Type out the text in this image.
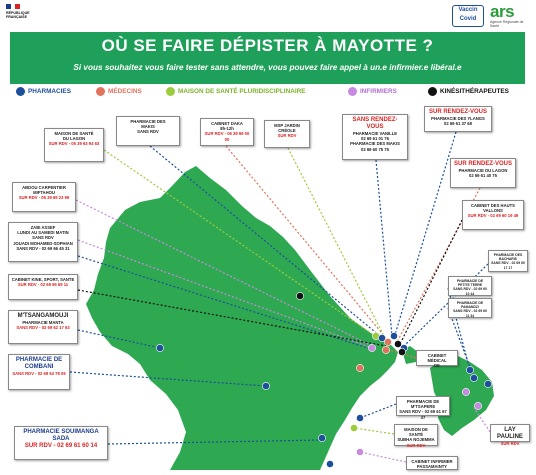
RÉPUBLIQUE
FRANÇAISE
Vaccin
Covid ars
Agence Régionale de Santé
OÙ SE FAIRE DÉPISTER À MAYOTTE ?
Si vous souhaitez vous faire tester sans attendre, vous pouvez faire appel à un.e infirmier.e libéral.e
PHARMACIES	MÉDECINS	MAISON DE SANTÉ PLURIDISCIPLINAIRE	INFIRMIERS	KINÉSITHÉRAPEUTES
MAISON DE SANTÉ
DU LAGON
SUR RDV - 06 39 63 94 63
PHARMACIE DES
MAKIS
SANS RDV
CABINET DAKA
8h-12h
SUR RDV - 06 39 69 00 00
MSP JARDIN
CRÉOLE
SUR RDV
SANS RENDEZ-VOUS
PHARMACIE VANILLE
02 69 61 01 76
PHARMACIE DES MAKIS
02 69 60 75 75
SUR RENDEZ-VOUS
PHARMACIE DES YLANGS
02 69 61 37 68
ABDOU CARPENTIER
MIFTAHOU
SUR RDV - 06 39 69 23 99
SUR RENDEZ-VOUS
PHARMACIE DU LAGON
02 69 61 40 75
ZABI ASSEF
LUNDI AU SAMEDI MATIN
SANS RDV
JOUADI MOHAMED-SOPHIAN
SANS RDV - 02 69 66 45 31
CABINET DES HAUTS
VALLONS
SUR RDV - 02 69 60 19 49
PHARMACIE DES
BACHARIS
SANS RDV - 02 69 60 17 17
CABINET KINE, SPORT, SANTE
SUR RDV - 02 69 65 69 11
PHARMACIE DE
PETITE TERRE
SANS RDV - 02 69 60 10 44
PHARMACIE DE
PAMANDZI
SANS RDV - 02 69 60 11 34
M'TSANGAMOUJI
PHARMACIE MANTA
SANS RDV - 02 69 62 17 63
CABINET MÉDICAL
DE
PHARMACIE DE
COMBANI
SANS RDV - 02 69 63 78 06
PHARMACIE DE M'TSAPERE
SANS RDV - 02 69 61 67 37
PHARMACIE SOUIMANGA SADA
SUR RDV - 02 69 61 60 14
MAISON DE SANTÉ
SUBHA NOJEMMA
SUR RDV
LAY PAULINE
SUR RDV
CABINET INFIRMIER
PASSAMAINTY
